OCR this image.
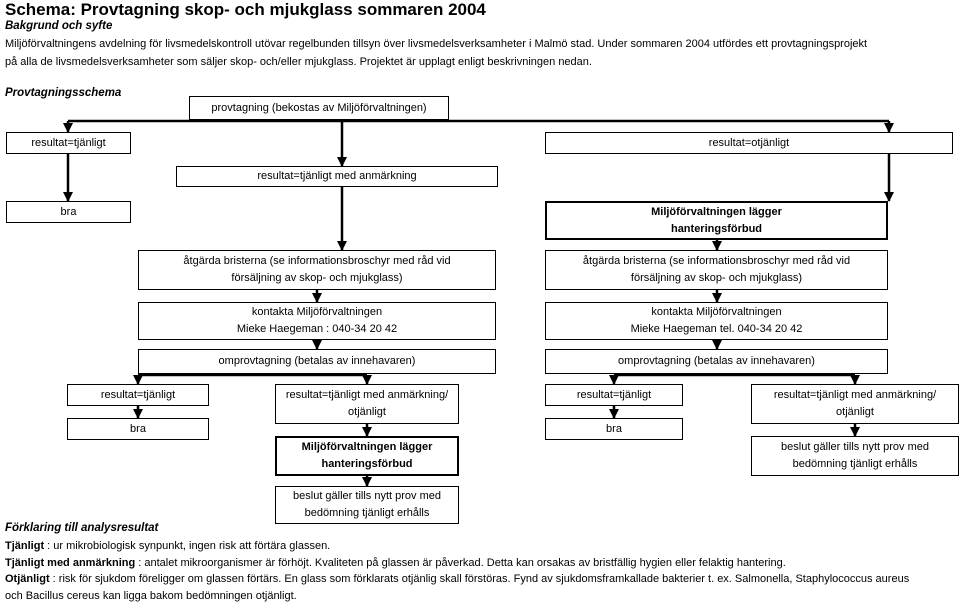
Schema: Provtagning skop- och mjukglass sommaren 2004
Bakgrund och syfte
Miljöförvaltningens avdelning för livsmedelskontroll utövar regelbunden tillsyn över livsmedelsverksamheter i Malmö stad. Under sommaren 2004 utfördes ett provtagningsprojekt
på alla de livsmedelsverksamheter som säljer skop- och/eller mjukglass. Projektet är upplagt enligt beskrivningen nedan.
Provtagningsschema
provtagning (bekostas av Miljöförvaltningen)
resultat=tjänligt	resultat=otjänligt
resultat=tjänligt med anmärkning
bra	Miljöförvaltningen lägger
hanteringsförbud
åtgärda bristerna (se informationsbroschyr med råd vid
försäljning av skop- och mjukglass)
åtgärda bristerna (se informationsbroschyr med råd vid
försäljning av skop- och mjukglass)
kontakta Miljöförvaltningen
Mieke Haegeman : 040-34 20 42
kontakta Miljöförvaltningen
Mieke Haegeman tel. 040-34 20 42
omprovtagning (betalas av innehavaren)	omprovtagning (betalas av innehavaren)
resultat=tjänligt	resultat=tjänligt med anmärkning/
otjänligt
resultat=tjänligt	resultat=tjänligt med anmärkning/
otjänligt
bra
Miljöförvaltningen lägger
hanteringsförbud
bra
beslut gäller tills nytt prov med
bedömning tjänligt erhålls
beslut gäller tills nytt prov med
bedömning tjänligt erhålls
Förklaring till analysresultat
Tjänligt : ur mikrobiologisk synpunkt, ingen risk att förtära glassen.
Tjänligt med anmärkning : antalet mikroorganismer är förhöjt. Kvaliteten på glassen är påverkad. Detta kan orsakas av bristfällig hygien eller felaktig hantering.
Otjänligt : risk för sjukdom föreligger om glassen förtärs. En glass som förklarats otjänlig skall förstöras. Fynd av sjukdomsframkallade bakterier t. ex. Salmonella, Staphylococcus aureus
och Bacillus cereus kan ligga bakom bedömningen otjänligt.
